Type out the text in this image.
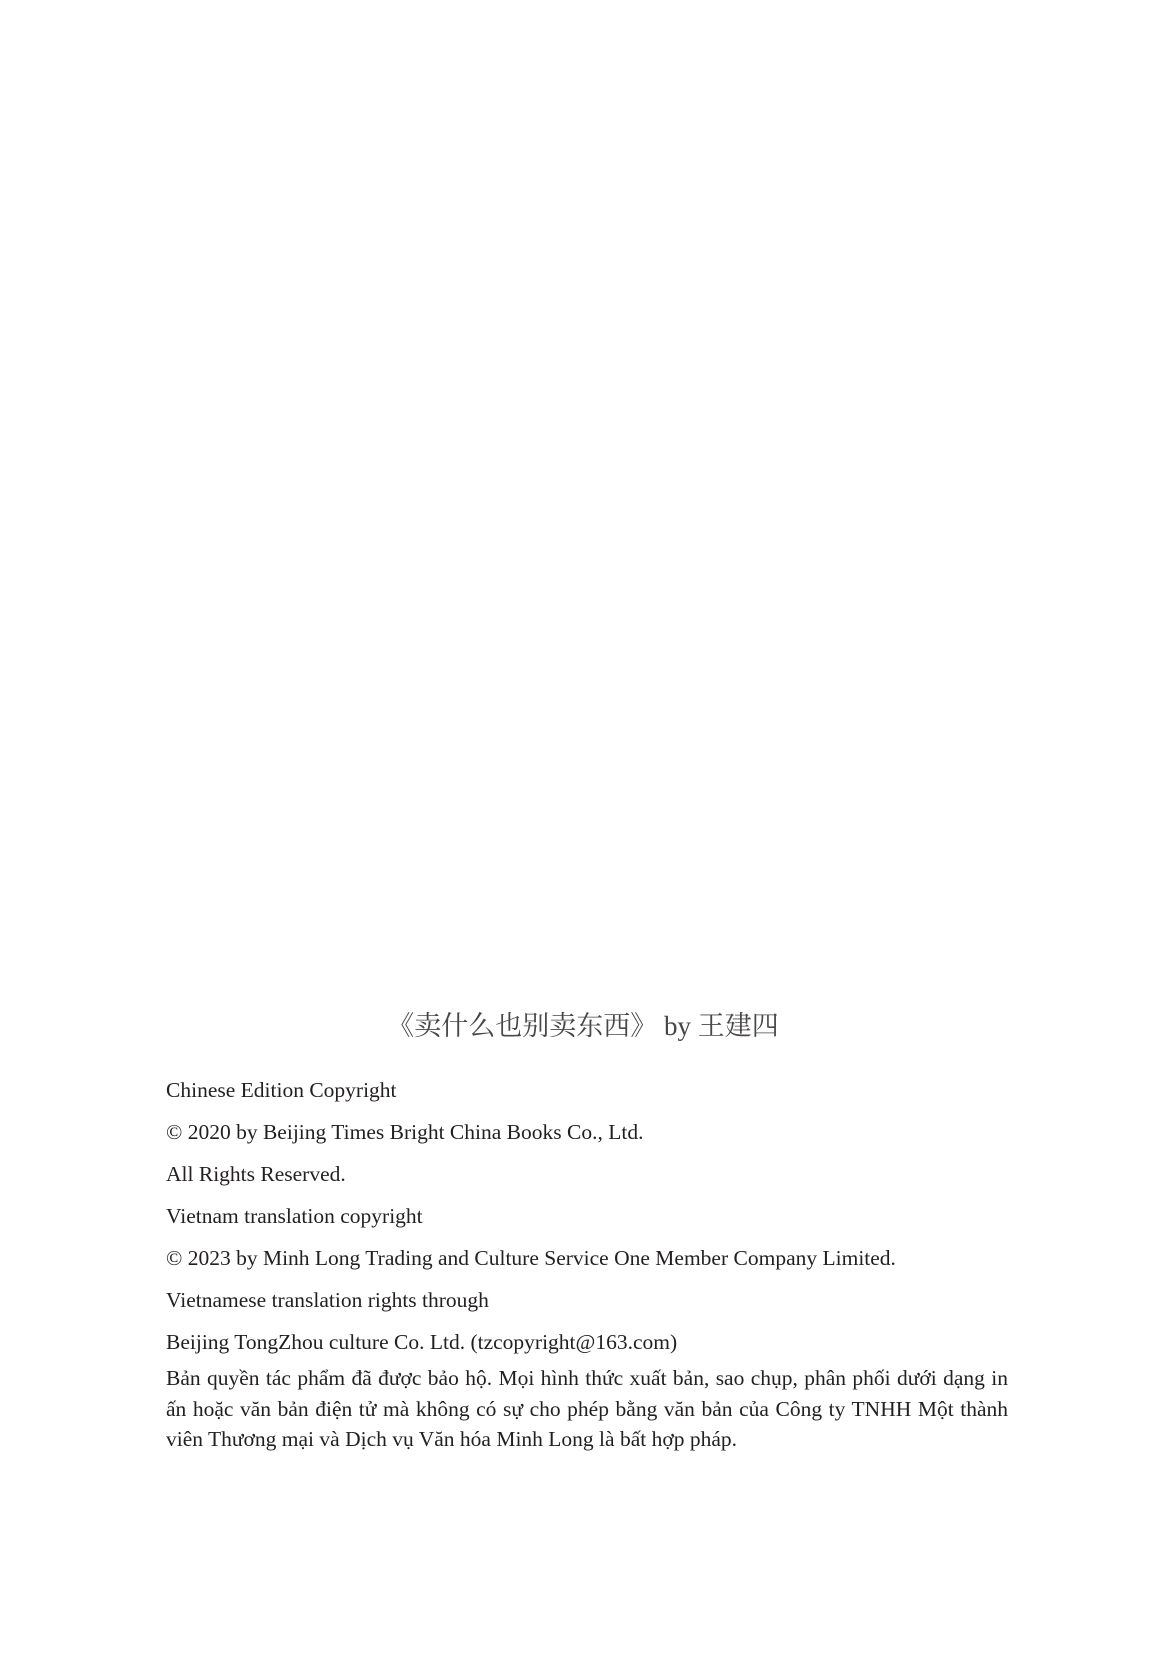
《卖什么也别卖东西》 by 王建四
Chinese Edition Copyright
© 2020 by Beijing Times Bright China Books Co., Ltd.
All Rights Reserved.
Vietnam translation copyright
© 2023 by Minh Long Trading and Culture Service One Member Company Limited.
Vietnamese translation rights through
Beijing TongZhou culture Co. Ltd. (tzcopyright@163.com)
Bản quyền tác phẩm đã được bảo hộ. Mọi hình thức xuất bản, sao chụp, phân phối dưới dạng in ấn hoặc văn bản điện tử mà không có sự cho phép bằng văn bản của Công ty TNHH Một thành viên Thương mại và Dịch vụ Văn hóa Minh Long là bất hợp pháp.
